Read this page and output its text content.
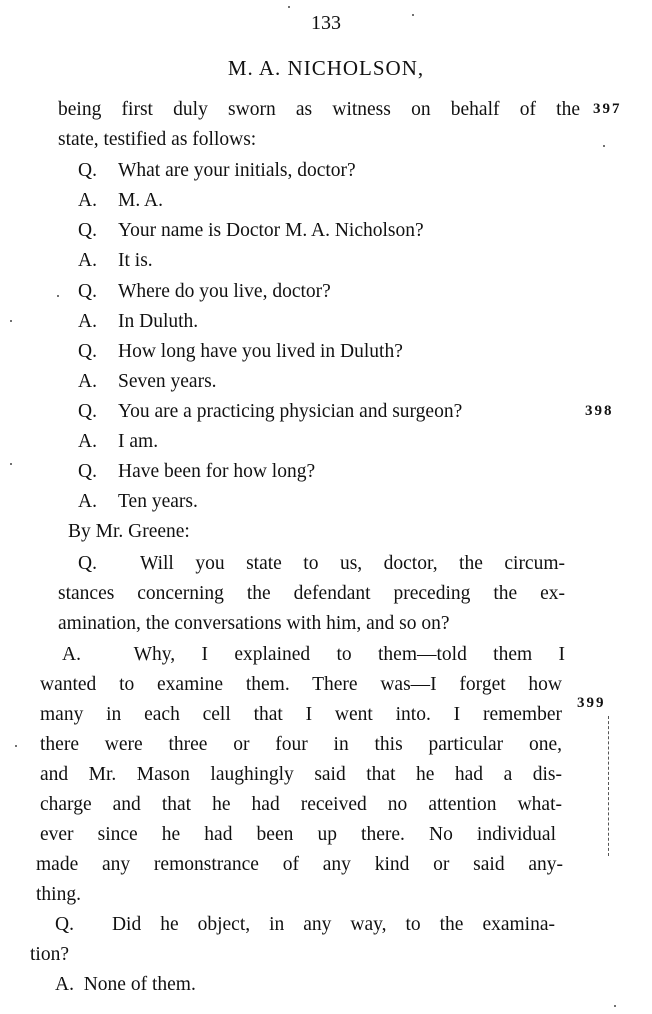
133
M. A. NICHOLSON,
being first duly sworn as witness on behalf of the 397
state, testified as follows:
Q. What are your initials, doctor?
A. M. A.
Q. Your name is Doctor M. A. Nicholson?
A. It is.
Q. Where do you live, doctor?
A. In Duluth.
Q. How long have you lived in Duluth?
A. Seven years.
Q. You are a practicing physician and surgeon?	398
A. I am.
Q. Have been for how long?
A. Ten years.
By Mr. Greene:
Q. Will you state to us, doctor, the circum-
stances concerning the defendant preceding the ex-
amination, the conversations with him, and so on?
A.	Why, I explained to them—told them I
wanted to examine them. There was—I forget how
many in each cell that I went into. I remember
399
there were three or four in this particular one,
and Mr. Mason laughingly said that he had a dis-
charge and that he had received no attention what-
ever since he had been up there. No individual
made any remonstrance of any kind or said any-
thing.
Q. Did he object, in any way, to the examina-
tion?
A. None of them.
